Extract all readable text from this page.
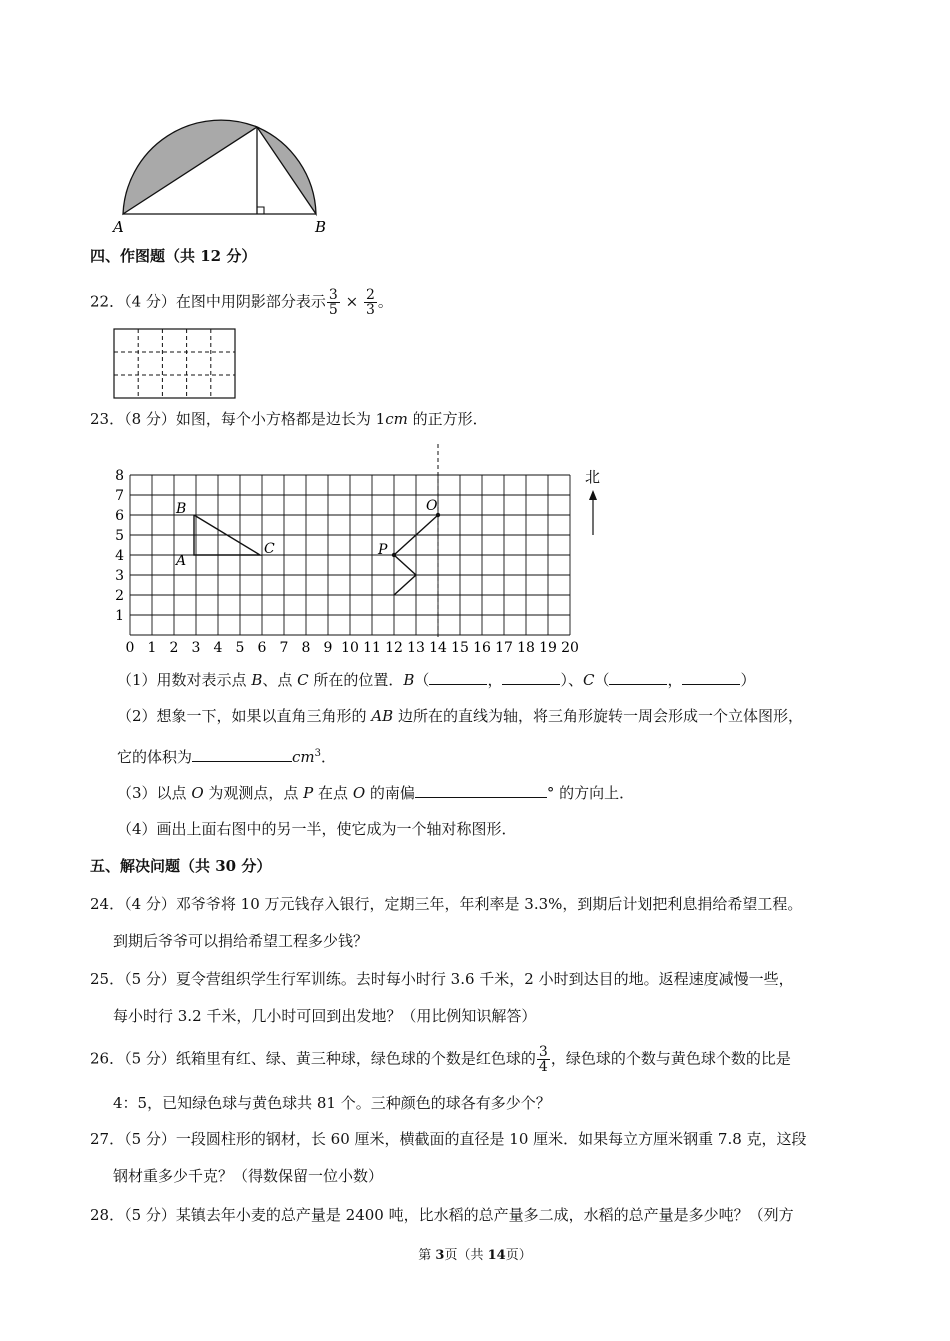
A	B
四、作图题（共 12 分）
22．（4 分）在图中用阴影部分表示 $\frac{3}{5} \times \frac{2}{3}$ 。
23．（8 分）如图，每个小方格都是边长为 1cm 的正方形．
0 1 2 3 4 5 6 7 8 9 10 11 12 13 14 15 16 17 18 19 20
1
2
3
4
5
6
7
8
B
A
C
O
P
北
（1）用数对表示点 B、点 C 所在的位置．B（	，	）、C（	，	）
（2）想象一下，如果以直角三角形的 AB 边所在的直线为轴，将三角形旋转一周会形成一个立体图形，
它的体积为	$cm^3$．
（3）以点 O 为观测点，点 P 在点 O 的南偏	° 的方向上．
（4）画出上面右图中的另一半，使它成为一个轴对称图形．
五、解决问题（共 30 分）
24．（4 分）邓爷爷将 10 万元钱存入银行，定期三年，年利率是 3.3%，到期后计划把利息捐给希望工程。
到期后爷爷可以捐给希望工程多少钱？
25．（5 分）夏令营组织学生行军训练。去时每小时行 3.6 千米，2 小时到达目的地。返程速度减慢一些，
每小时行 3.2 千米，几小时可回到出发地？（用比例知识解答）
26．（5 分）纸箱里有红、绿、黄三种球，绿色球的个数是红色球的 $\frac{3}{4}$ ，绿色球的个数与黄色球个数的比是
4：5，已知绿色球与黄色球共 81 个。三种颜色的球各有多少个？
27．（5 分）一段圆柱形的钢材，长 60 厘米，横截面的直径是 10 厘米．如果每立方厘米钢重 7.8 克，这段
钢材重多少千克？（得数保留一位小数）
28．（5 分）某镇去年小麦的总产量是 2400 吨，比水稻的总产量多二成，水稻的总产量是多少吨？（列方
第 3页（共 14页）
